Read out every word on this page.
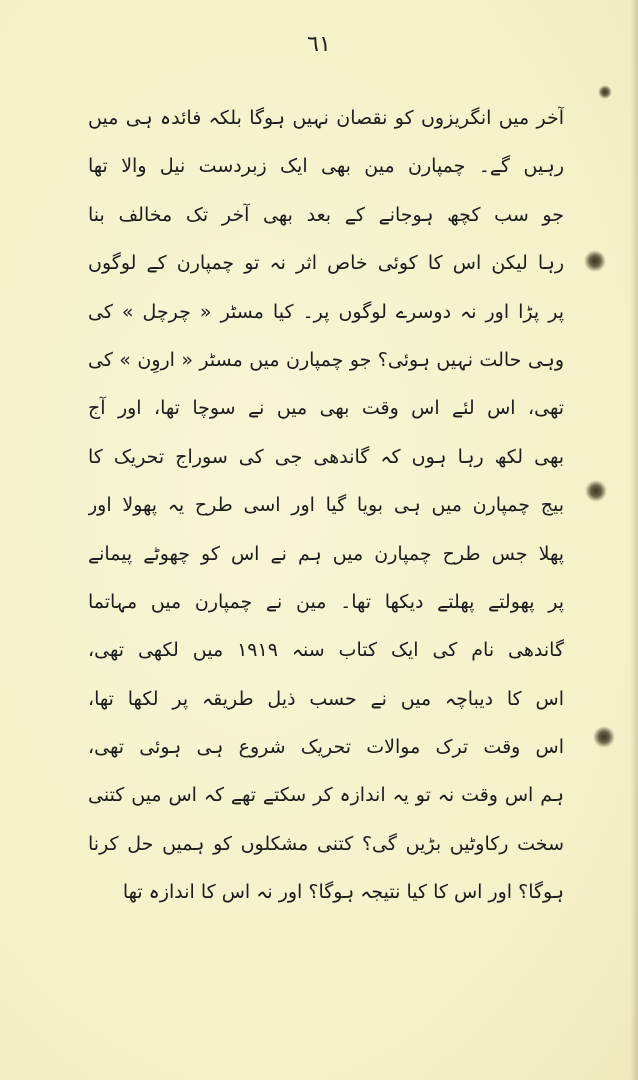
٦١
آخر میں انگریزوں کو نقصان نہیں ہوگا بلکہ فائدہ ہی میں
رہیں گے۔ چمپارن مین بھی ایک زبردست نیل والا تھا
جو سب کچھ ہوجانے کے بعد بھی آخر تک مخالف بنا
رہا لیکن اس کا کوئی خاص اثر نہ تو چمپارن کے لوگوں
پر پڑا اور نہ دوسرے لوگوں پر۔ کیا مسٹر « چرچل » کی
وہی حالت نہیں ہوئی؟ جو چمپارن میں مسٹر « اروِن » کی
تھی، اس لئے اس وقت بھی میں نے سوچا تھا، اور آج
بھی لکھ رہا ہوں کہ گاندھی جی کی سوراج تحریک کا
بیج چمپارن میں ہی بویا گیا اور اسی طرح یہ پھولا اور
پھلا جس طرح چمپارن میں ہم نے اس کو چھوٹے پیمانے
پر پھولتے پھلتے دیکھا تھا۔ مین نے چمپارن میں مہاتما
گاندھی نام کی ایک کتاب سنہ ۱۹۱۹ میں لکھی تھی،
اس کا دیباچہ میں نے حسب ذیل طریقہ پر لکھا تھا،
اس وقت ترک موالات تحریک شروع ہی ہوئی تھی،
ہم اس وقت نہ تو یہ اندازہ کر سکتے تھے کہ اس میں کتنی
سخت رکاوٹیں بڑیں گی؟ کتنی مشکلوں کو ہمیں حل کرنا
ہوگا؟ اور اس کا کیا نتیجہ ہوگا؟ اور نہ اس کا اندازہ تھا
